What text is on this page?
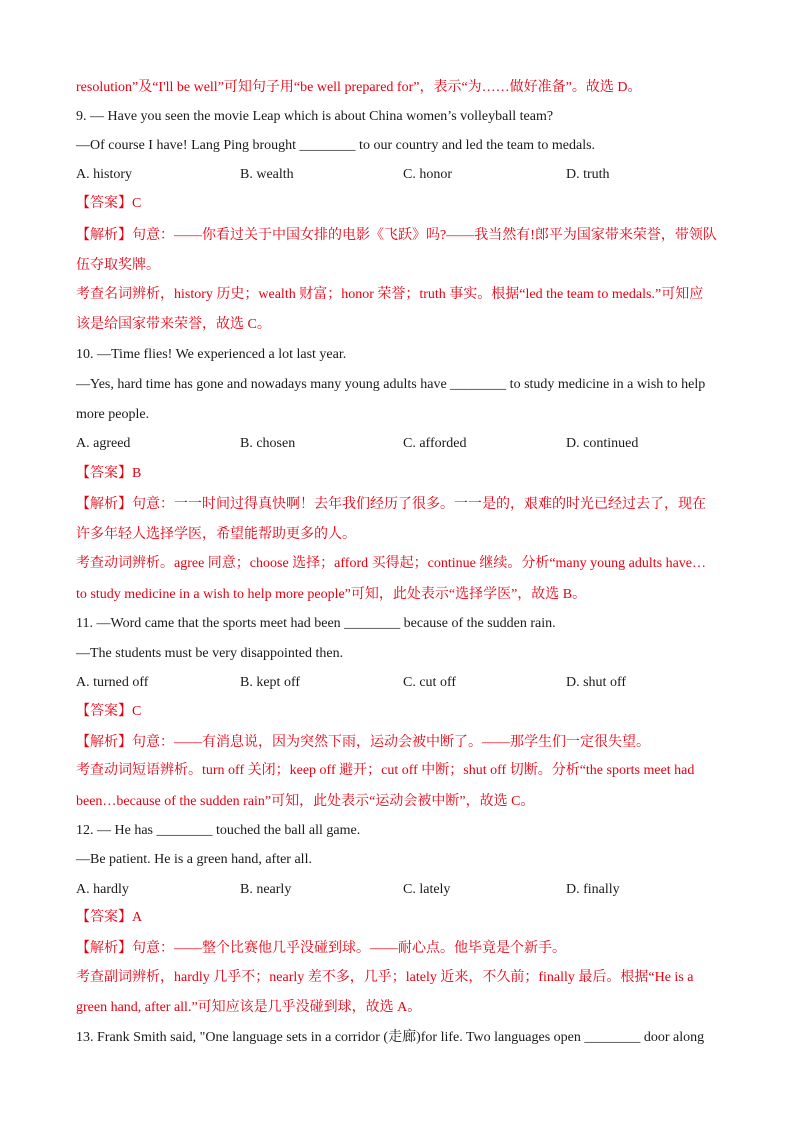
resolution”及“I'll be well”可知句子用“be well prepared for”，表示“为……做好准备”。故选 D。
9. — Have you seen the movie Leap which is about China women’s volleyball team?
—Of course I have! Lang Ping brought ________ to our country and led the team to medals.
A. history	B. wealth	C. honor	D. truth
【答案】C
【解析】句意：——你看过关于中国女排的电影《飞跃》吗?——我当然有!郎平为国家带来荣誉，带领队
伍夺取奖牌。
考查名词辨析，history 历史；wealth 财富；honor 荣誉；truth 事实。根据“led the team to medals.”可知应
该是给国家带来荣誉，故选 C。
10. —Time flies! We experienced a lot last year.
—Yes, hard time has gone and nowadays many young adults have ________ to study medicine in a wish to help
more people.
A. agreed	B. chosen	C. afforded	D. continued
【答案】B
【解析】句意：一一时间过得真快啊！去年我们经历了很多。一一是的，艰难的时光已经过去了，现在
许多年轻人选择学医，希望能帮助更多的人。
考查动词辨析。agree 同意；choose 选择；afford 买得起；continue 继续。分析“many young adults have…
to study medicine in a wish to help more people”可知，此处表示“选择学医”，故选 B。
11. —Word came that the sports meet had been ________ because of the sudden rain.
—The students must be very disappointed then.
A. turned off	B. kept off	C. cut off	D. shut off
【答案】C
【解析】句意：——有消息说，因为突然下雨，运动会被中断了。——那学生们一定很失望。
考查动词短语辨析。turn off 关闭；keep off 避开；cut off 中断；shut off 切断。分析“the sports meet had
been…because of the sudden rain”可知，此处表示“运动会被中断”，故选 C。
12. — He has ________ touched the ball all game.
—Be patient. He is a green hand, after all.
A. hardly	B. nearly	C. lately	D. finally
【答案】A
【解析】句意：——整个比赛他几乎没碰到球。——耐心点。他毕竟是个新手。
考查副词辨析，hardly 几乎不；nearly 差不多，几乎；lately 近来，不久前；finally 最后。根据“He is a
green hand, after all.”可知应该是几乎没碰到球，故选 A。
13. Frank Smith said, "One language sets in a corridor (走廊)for life. Two languages open ________ door along
